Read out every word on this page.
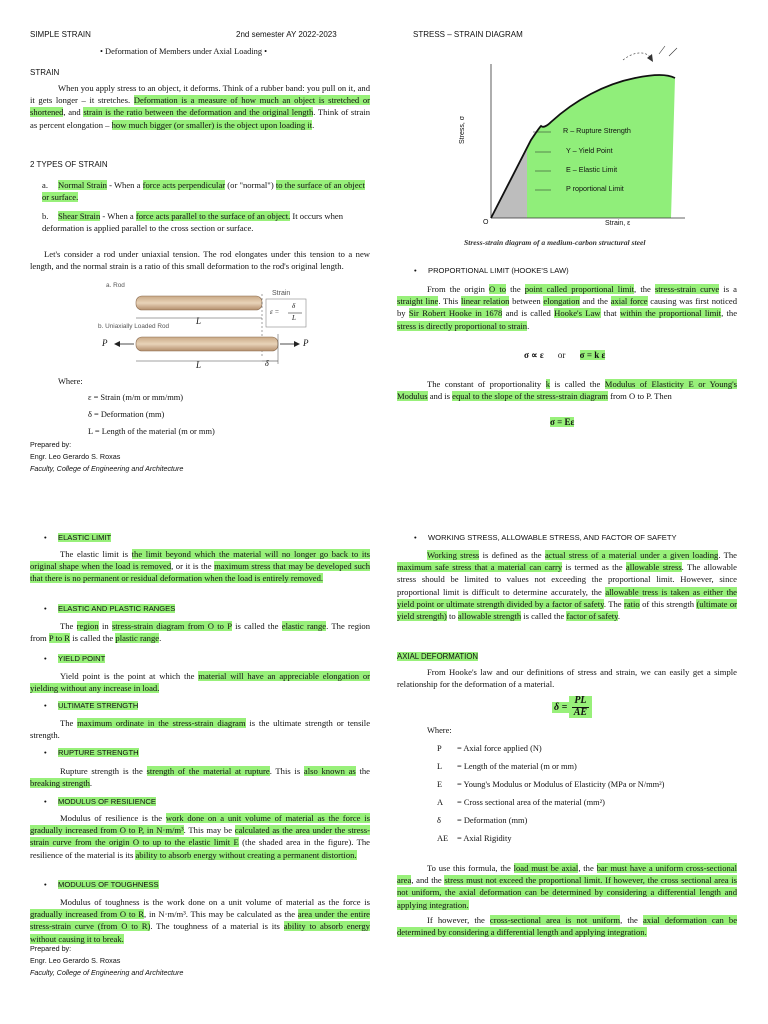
SIMPLE STRAIN	2nd semester AY 2022-2023
• Deformation of Members under Axial Loading •
STRAIN
When you apply stress to an object, it deforms. Think of a rubber band: you pull on it, and it gets longer – it stretches. Deformation is a measure of how much an object is stretched or shortened, and strain is the ratio between the deformation and the original length. Think of strain as percent elongation – how much bigger (or smaller) is the object upon loading it.
2 TYPES OF STRAIN
a. Normal Strain - When a force acts perpendicular (or "normal") to the surface of an object or surface.
b. Shear Strain - When a force acts parallel to the surface of an object. It occurs when deformation is applied parallel to the cross section or surface.
Let's consider a rod under uniaxial tension. The rod elongates under this tension to a new length, and the normal strain is a ratio of this small deformation to the rod's original length.
a. Rod
b. Uniaxially Loaded Rod
Strain
ε =
δ
L
L
L	δ
P	P
Where:
ε = Strain (m/m or mm/mm)
δ = Deformation (mm)
L = Length of the material (m or mm)
Prepared by:
Engr. Leo Gerardo S. Roxas
Faculty, College of Engineering and Architecture
STRESS – STRAIN DIAGRAM
R – Rupture Strength
Y – Yield Point
E – Elastic Limit
P roportional Limit
Stress, σ
Strain, ε
O
Stress-strain diagram of a medium-carbon structural steel
• PROPORTIONAL LIMIT (HOOKE'S LAW)
From the origin O to the point called proportional limit, the stress-strain curve is a straight line. This linear relation between elongation and the axial force causing was first noticed by Sir Robert Hooke in 1678 and is called Hooke's Law that within the proportional limit, the stress is directly proportional to strain.
σ ∝ ε or σ = k ε
The constant of proportionality k is called the Modulus of Elasticity E or Young's Modulus and is equal to the slope of the stress-strain diagram from O to P. Then
σ = Eε
• ELASTIC LIMIT
The elastic limit is the limit beyond which the material will no longer go back to its original shape when the load is removed, or it is the maximum stress that may be developed such that there is no permanent or residual deformation when the load is entirely removed.
• ELASTIC AND PLASTIC RANGES
The region in stress-strain diagram from O to P is called the elastic range. The region from P to R is called the plastic range.
• YIELD POINT
Yield point is the point at which the material will have an appreciable elongation or yielding without any increase in load.
• ULTIMATE STRENGTH
The maximum ordinate in the stress-strain diagram is the ultimate strength or tensile strength.
• RUPTURE STRENGTH
Rupture strength is the strength of the material at rupture. This is also known as the breaking strength.
• MODULUS OF RESILIENCE
Modulus of resilience is the work done on a unit volume of material as the force is gradually increased from O to P, in N·m/m³. This may be calculated as the area under the stress-strain curve from the origin O to up to the elastic limit E (the shaded area in the figure). The resilience of the material is its ability to absorb energy without creating a permanent distortion.
• MODULUS OF TOUGHNESS
Modulus of toughness is the work done on a unit volume of material as the force is gradually increased from O to R, in N·m/m³. This may be calculated as the area under the entire stress-strain curve (from O to R). The toughness of a material is its ability to absorb energy without causing it to break.
Prepared by:
Engr. Leo Gerardo S. Roxas
Faculty, College of Engineering and Architecture
• WORKING STRESS, ALLOWABLE STRESS, AND FACTOR OF SAFETY
Working stress is defined as the actual stress of a material under a given loading. The maximum safe stress that a material can carry is termed as the allowable stress. The allowable stress should be limited to values not exceeding the proportional limit. However, since proportional limit is difficult to determine accurately, the allowable tress is taken as either the yield point or ultimate strength divided by a factor of safety. The ratio of this strength (ultimate or yield strength) to allowable strength is called the factor of safety.
AXIAL DEFORMATION
From Hooke's law and our definitions of stress and strain, we can easily get a simple relationship for the deformation of a material.
$\delta = \frac{PL}{AE}$
Where:
P = Axial force applied (N)
L = Length of the material (m or mm)
E = Young's Modulus or Modulus of Elasticity (MPa or N/mm²)
A = Cross sectional area of the material (mm²)
δ = Deformation (mm)
AE = Axial Rigidity
To use this formula, the load must be axial, the bar must have a uniform cross-sectional area, and the stress must not exceed the proportional limit. If however, the cross sectional area is not uniform, the axial deformation can be determined by considering a differential length and applying integration.
If however, the cross-sectional area is not uniform, the axial deformation can be determined by considering a differential length and applying integration.
